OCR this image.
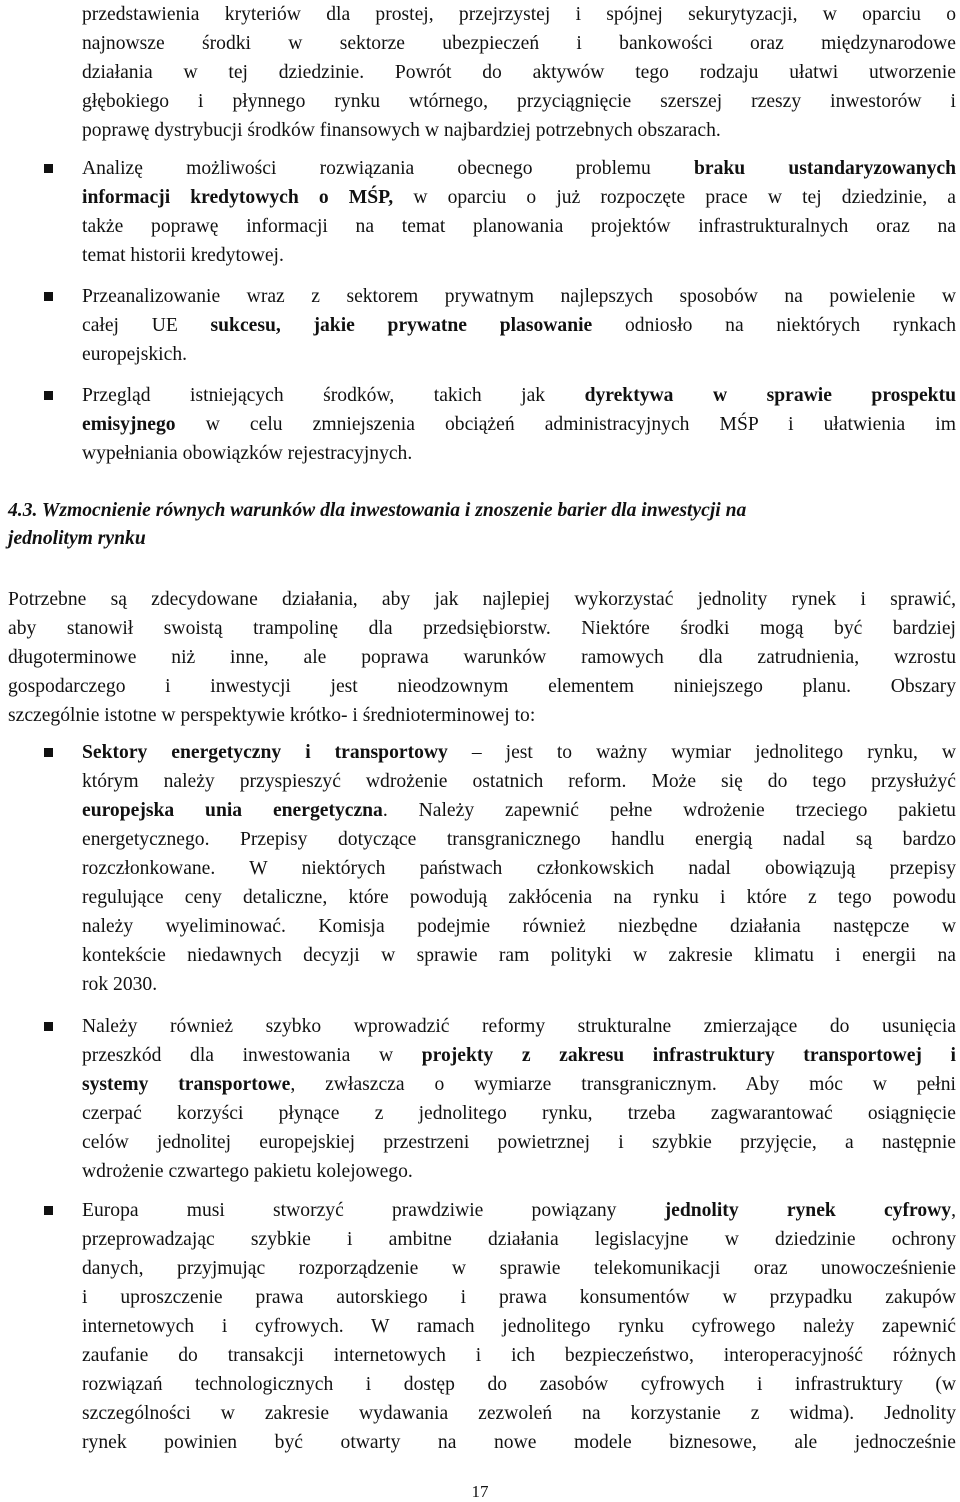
przedstawienia kryteriów dla prostej, przejrzystej i spójnej sekurytyzacji, w oparciu o
najnowsze środki w sektorze ubezpieczeń i bankowości oraz międzynarodowe
działania w tej dziedzinie. Powrót do aktywów tego rodzaju ułatwi utworzenie
głębokiego i płynnego rynku wtórnego, przyciągnięcie szerszej rzeszy inwestorów i
poprawę dystrybucji środków finansowych w najbardziej potrzebnych obszarach.
Analizę możliwości rozwiązania obecnego problemu braku ustandaryzowanych
informacji kredytowych o MŚP, w oparciu o już rozpoczęte prace w tej dziedzinie, a
także poprawę informacji na temat planowania projektów infrastrukturalnych oraz na
temat historii kredytowej.
Przeanalizowanie wraz z sektorem prywatnym najlepszych sposobów na powielenie w
całej UE sukcesu, jakie prywatne plasowanie odniosło na niektórych rynkach
europejskich.
Przegląd istniejących środków, takich jak dyrektywa w sprawie prospektu
emisyjnego w celu zmniejszenia obciążeń administracyjnych MŚP i ułatwienia im
wypełniania obowiązków rejestracyjnych.
4.3. Wzmocnienie równych warunków dla inwestowania i znoszenie barier dla inwestycji na
jednolitym rynku
Potrzebne są zdecydowane działania, aby jak najlepiej wykorzystać jednolity rynek i sprawić,
aby stanowił swoistą trampolinę dla przedsiębiorstw. Niektóre środki mogą być bardziej
długoterminowe niż inne, ale poprawa warunków ramowych dla zatrudnienia, wzrostu
gospodarczego i inwestycji jest nieodzownym elementem niniejszego planu. Obszary
szczególnie istotne w perspektywie krótko- i średnioterminowej to:
Sektory energetyczny i transportowy – jest to ważny wymiar jednolitego rynku, w
którym należy przyspieszyć wdrożenie ostatnich reform. Może się do tego przysłużyć
europejska unia energetyczna. Należy zapewnić pełne wdrożenie trzeciego pakietu
energetycznego. Przepisy dotyczące transgranicznego handlu energią nadal są bardzo
rozczłonkowane. W niektórych państwach członkowskich nadal obowiązują przepisy
regulujące ceny detaliczne, które powodują zakłócenia na rynku i które z tego powodu
należy wyeliminować. Komisja podejmie również niezbędne działania następcze w
kontekście niedawnych decyzji w sprawie ram polityki w zakresie klimatu i energii na
rok 2030.
Należy również szybko wprowadzić reformy strukturalne zmierzające do usunięcia
przeszkód dla inwestowania w projekty z zakresu infrastruktury transportowej i
systemy transportowe, zwłaszcza o wymiarze transgranicznym. Aby móc w pełni
czerpać korzyści płynące z jednolitego rynku, trzeba zagwarantować osiągnięcie
celów jednolitej europejskiej przestrzeni powietrznej i szybkie przyjęcie, a następnie
wdrożenie czwartego pakietu kolejowego.
Europa musi stworzyć prawdziwie powiązany jednolity rynek cyfrowy,
przeprowadzając szybkie i ambitne działania legislacyjne w dziedzinie ochrony
danych, przyjmując rozporządzenie w sprawie telekomunikacji oraz unowocześnienie
i uproszczenie prawa autorskiego i prawa konsumentów w przypadku zakupów
internetowych i cyfrowych. W ramach jednolitego rynku cyfrowego należy zapewnić
zaufanie do transakcji internetowych i ich bezpieczeństwo, interoperacyjność różnych
rozwiązań technologicznych i dostęp do zasobów cyfrowych i infrastruktury (w
szczególności w zakresie wydawania zezwoleń na korzystanie z widma). Jednolity
rynek powinien być otwarty na nowe modele biznesowe, ale jednocześnie
17
